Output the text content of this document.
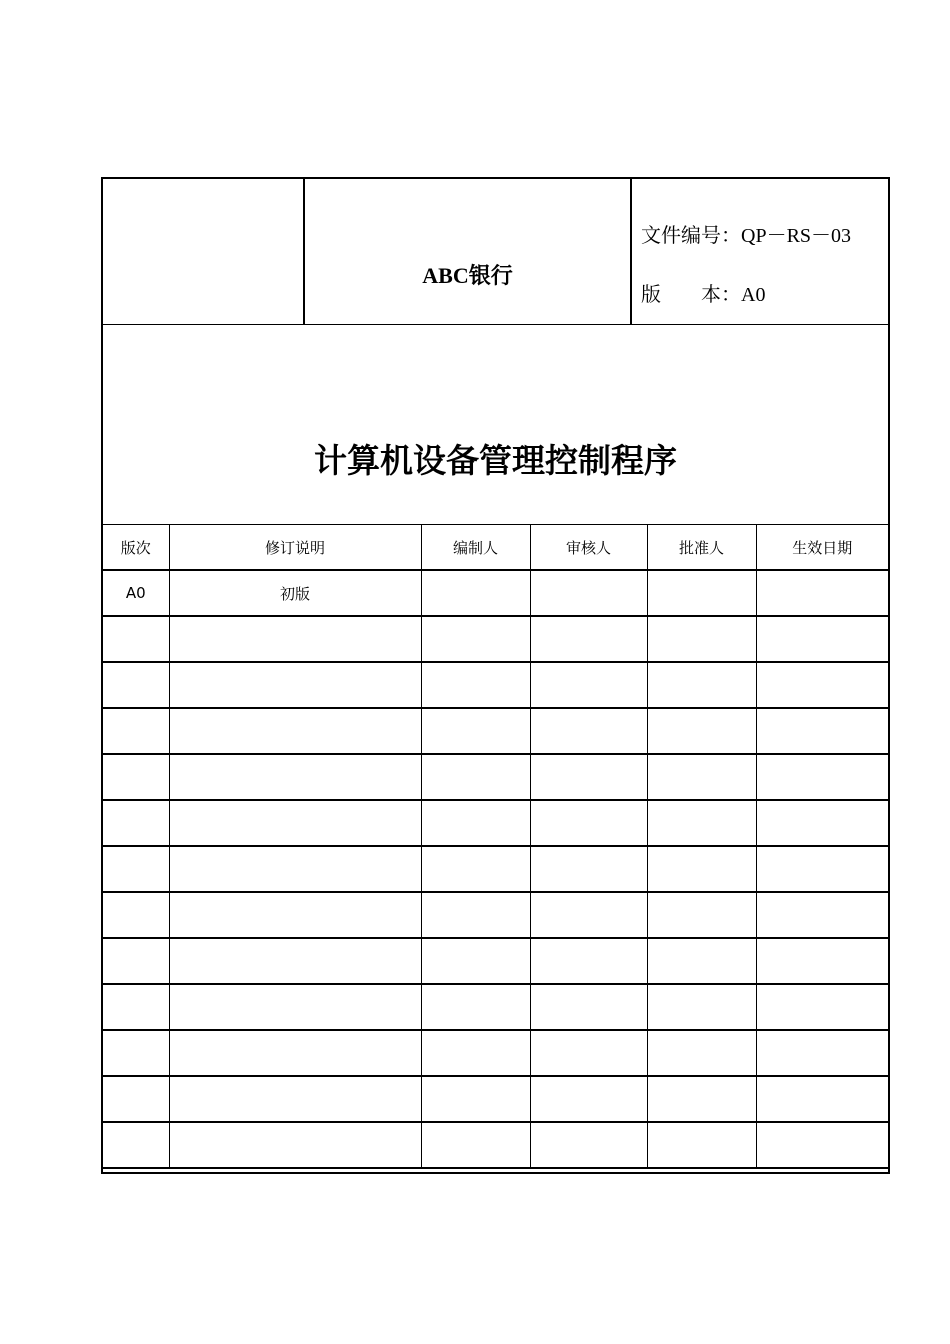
ABC银行
文件编号：QP－RS－03
版　　本：A0
计算机设备管理控制程序
版次	修订说明	编制人	审核人	批准人	生效日期
A0	初版				
